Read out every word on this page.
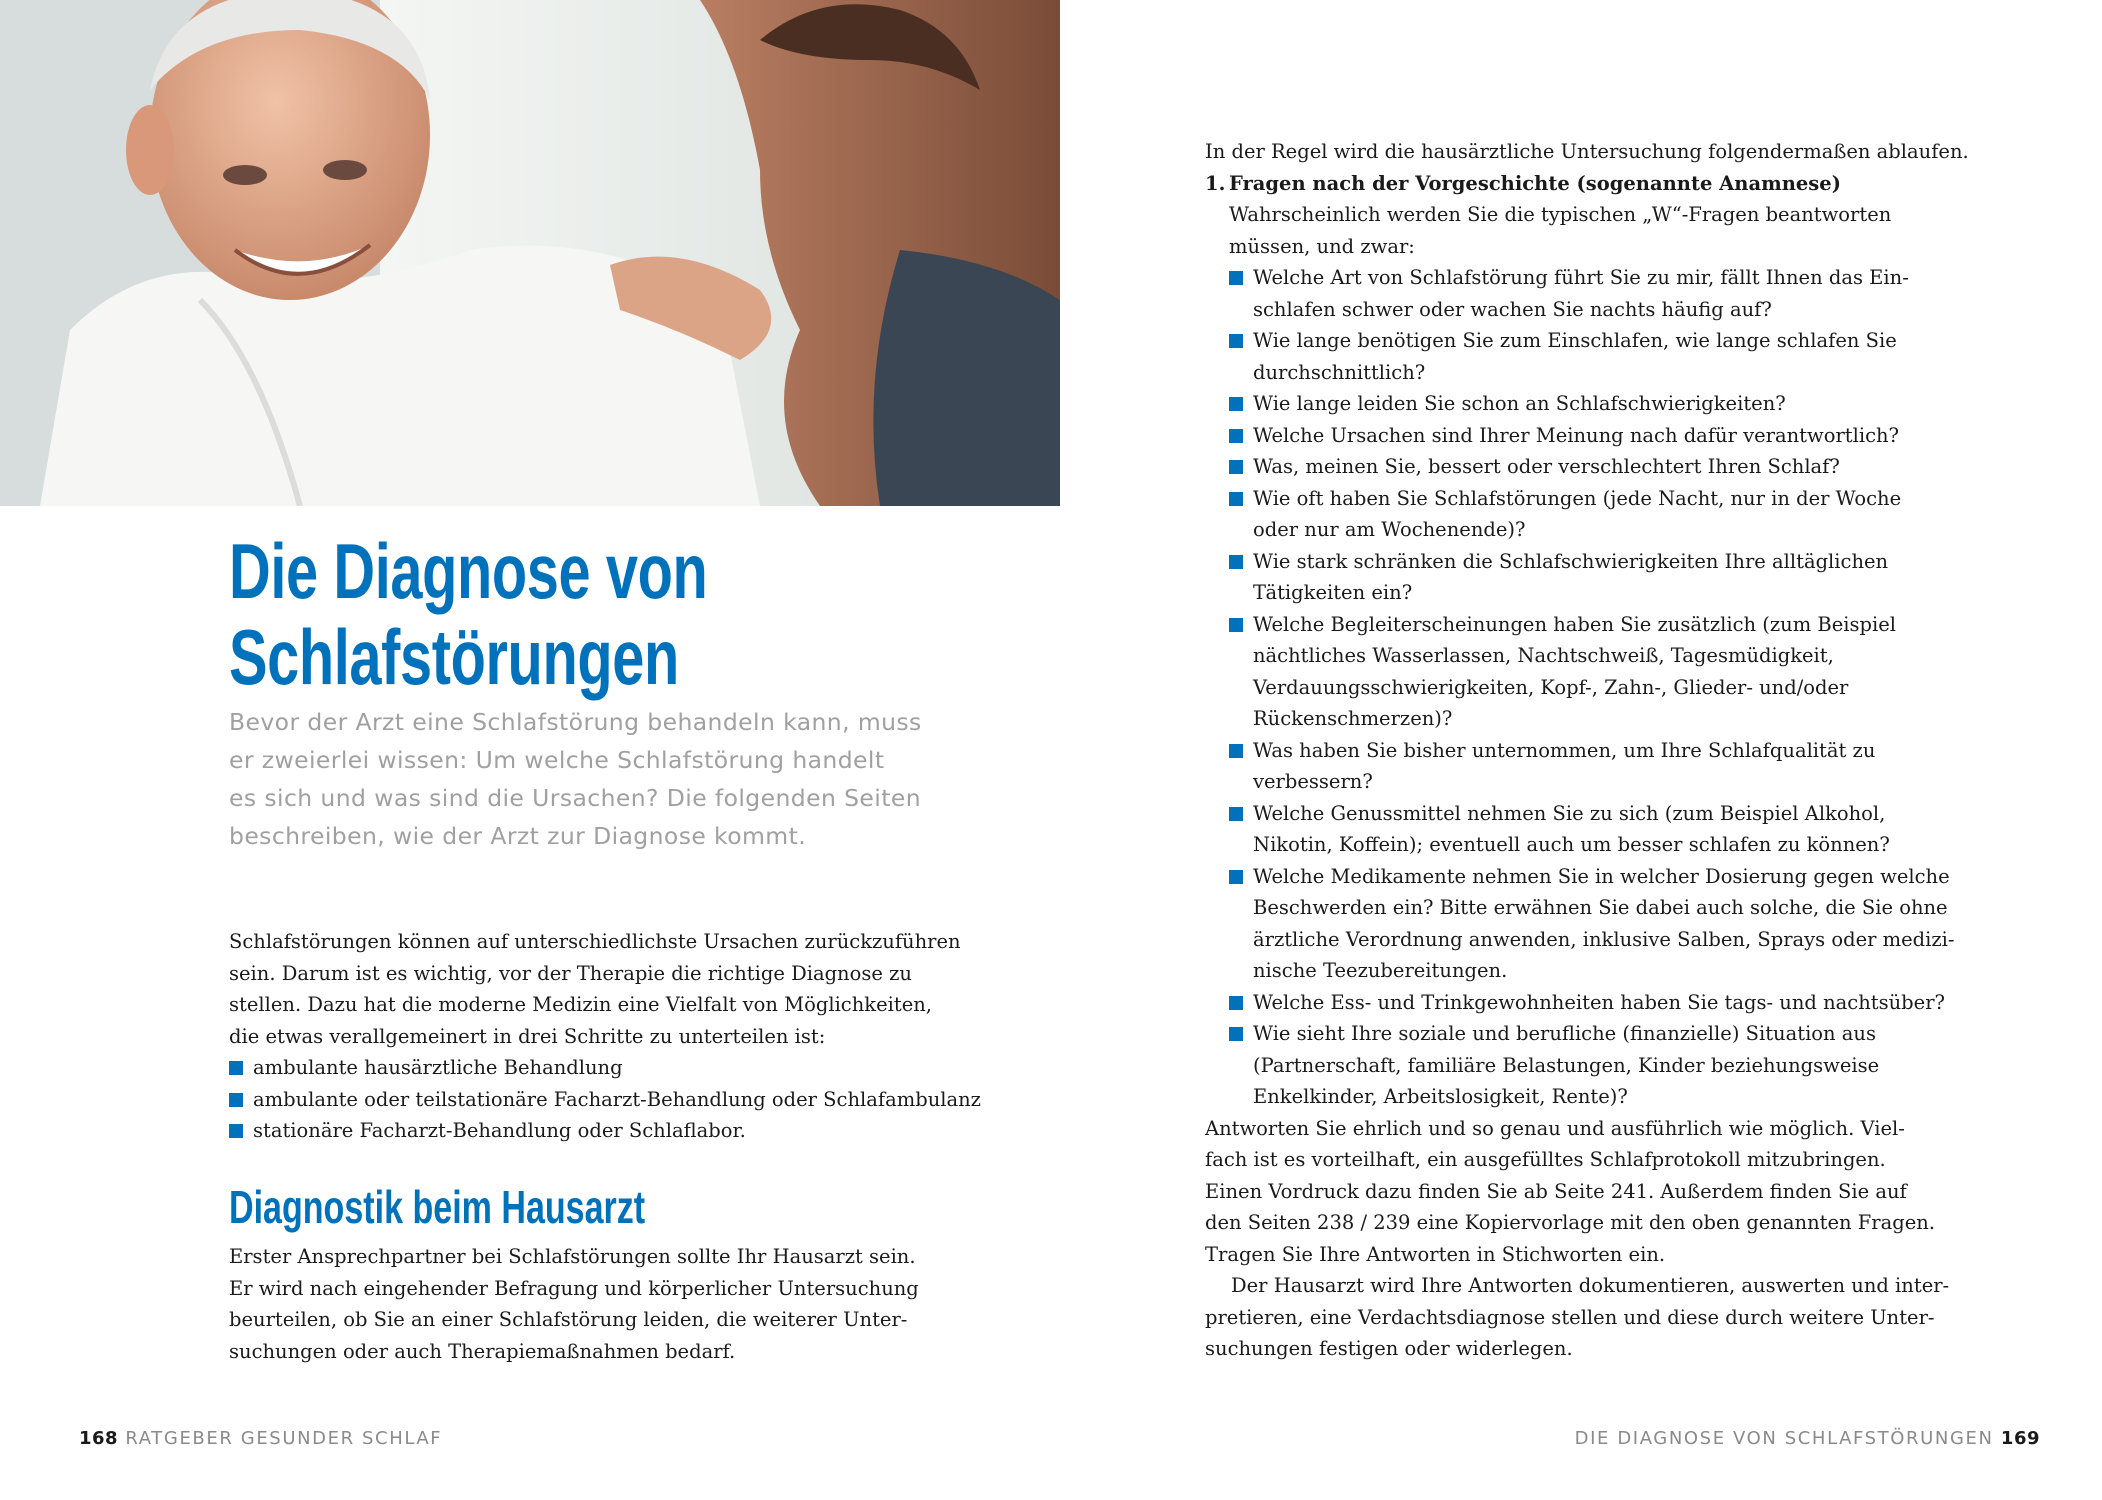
Die Diagnose von
Schlafstörungen

Bevor der Arzt eine Schlafstörung behandeln kann, muss
er zweierlei wissen: Um welche Schlafstörung handelt
es sich und was sind die Ursachen? Die folgenden Seiten
beschreiben, wie der Arzt zur Diagnose kommt.

Schlafstörungen können auf unterschiedlichste Ursachen zurückzuführen
sein. Darum ist es wichtig, vor der Therapie die richtige Diagnose zu
stellen. Dazu hat die moderne Medizin eine Vielfalt von Möglichkeiten,
die etwas verallgemeinert in drei Schritte zu unterteilen ist:
ambulante hausärztliche Behandlung
ambulante oder teilstationäre Facharzt-Behandlung oder Schlafambulanz
stationäre Facharzt-Behandlung oder Schlaflabor.
Diagnostik beim Hausarzt
Erster Ansprechpartner bei Schlafstörungen sollte Ihr Hausarzt sein.
Er wird nach eingehender Befragung und körperlicher Untersuchung
beurteilen, ob Sie an einer Schlafstörung leiden, die weiterer Unter-
suchungen oder auch Therapiemaßnahmen bedarf.
168 RATGEBER GESUNDER SCHLAF
In der Regel wird die hausärztliche Untersuchung folgendermaßen ablaufen.
1. Fragen nach der Vorgeschichte (sogenannte Anamnese)
Wahrscheinlich werden Sie die typischen „W“-Fragen beantworten
müssen, und zwar:
Welche Art von Schlafstörung führt Sie zu mir, fällt Ihnen das Ein-
schlafen schwer oder wachen Sie nachts häufig auf?
Wie lange benötigen Sie zum Einschlafen, wie lange schlafen Sie
durchschnittlich?
Wie lange leiden Sie schon an Schlafschwierigkeiten?
Welche Ursachen sind Ihrer Meinung nach dafür verantwortlich?
Was, meinen Sie, bessert oder verschlechtert Ihren Schlaf?
Wie oft haben Sie Schlafstörungen (jede Nacht, nur in der Woche
oder nur am Wochenende)?
Wie stark schränken die Schlafschwierigkeiten Ihre alltäglichen
Tätigkeiten ein?
Welche Begleiterscheinungen haben Sie zusätzlich (zum Beispiel
nächtliches Wasserlassen, Nachtschweiß, Tagesmüdigkeit,
Verdauungsschwierigkeiten, Kopf-, Zahn-, Glieder- und/oder
Rückenschmerzen)?
Was haben Sie bisher unternommen, um Ihre Schlafqualität zu
verbessern?
Welche Genussmittel nehmen Sie zu sich (zum Beispiel Alkohol,
Nikotin, Koffein); eventuell auch um besser schlafen zu können?
Welche Medikamente nehmen Sie in welcher Dosierung gegen welche
Beschwerden ein? Bitte erwähnen Sie dabei auch solche, die Sie ohne
ärztliche Verordnung anwenden, inklusive Salben, Sprays oder medizi-
nische Teezubereitungen.
Welche Ess- und Trinkgewohnheiten haben Sie tags- und nachtsüber?
Wie sieht Ihre soziale und berufliche (finanzielle) Situation aus
(Partnerschaft, familiäre Belastungen, Kinder beziehungsweise
Enkelkinder, Arbeitslosigkeit, Rente)?
Antworten Sie ehrlich und so genau und ausführlich wie möglich. Viel-
fach ist es vorteilhaft, ein ausgefülltes Schlafprotokoll mitzubringen.
Einen Vordruck dazu finden Sie ab Seite 241. Außerdem finden Sie auf
den Seiten 238 / 239 eine Kopiervorlage mit den oben genannten Fragen.
Tragen Sie Ihre Antworten in Stichworten ein.
Der Hausarzt wird Ihre Antworten dokumentieren, auswerten und inter-
pretieren, eine Verdachtsdiagnose stellen und diese durch weitere Unter-
suchungen festigen oder widerlegen.
DIE DIAGNOSE VON SCHLAFSTÖRUNGEN 169
